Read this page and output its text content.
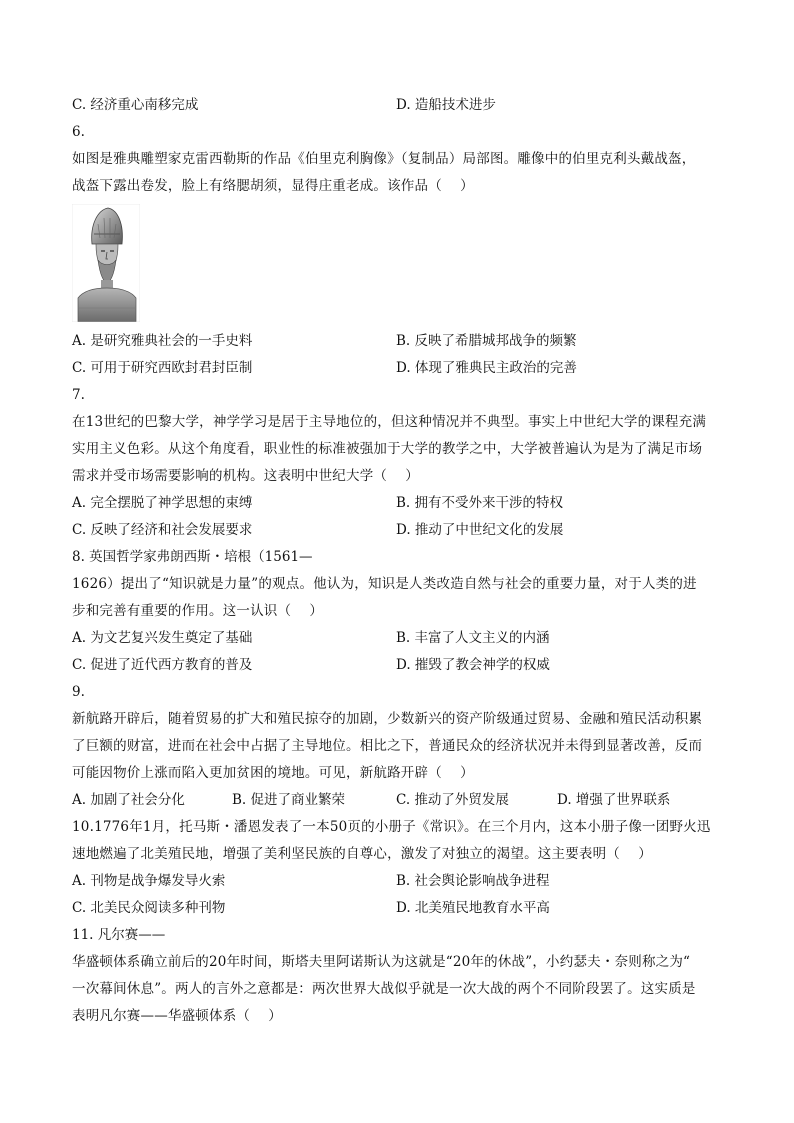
C. 经济重心南移完成	D. 造船技术进步
6.
如图是雅典雕塑家克雷西勒斯的作品《伯里克利胸像》（复制品）局部图。雕像中的伯里克利头戴战盔，
战盔下露出卷发，脸上有络腮胡须，显得庄重老成。该作品（　 ）
A. 是研究雅典社会的一手史料	B. 反映了希腊城邦战争的频繁
C. 可用于研究西欧封君封臣制	D. 体现了雅典民主政治的完善
7.
在13世纪的巴黎大学，神学学习是居于主导地位的，但这种情况并不典型。事实上中世纪大学的课程充满
实用主义色彩。从这个角度看，职业性的标准被强加于大学的教学之中，大学被普遍认为是为了满足市场
需求并受市场需要影响的机构。这表明中世纪大学（　 ）
A. 完全摆脱了神学思想的束缚	B. 拥有不受外来干涉的特权
C. 反映了经济和社会发展要求	D. 推动了中世纪文化的发展
8. 英国哲学家弗朗西斯・培根（1561—
1626）提出了“知识就是力量”的观点。他认为，知识是人类改造自然与社会的重要力量，对于人类的进
步和完善有重要的作用。这一认识（　 ）
A. 为文艺复兴发生奠定了基础	B. 丰富了人文主义的内涵
C. 促进了近代西方教育的普及	D. 摧毁了教会神学的权威
9.
新航路开辟后，随着贸易的扩大和殖民掠夺的加剧，少数新兴的资产阶级通过贸易、金融和殖民活动积累
了巨额的财富，进而在社会中占据了主导地位。相比之下，普通民众的经济状况并未得到显著改善，反而
可能因物价上涨而陷入更加贫困的境地。可见，新航路开辟（　 ）
A. 加剧了社会分化	B. 促进了商业繁荣	C. 推动了外贸发展	D. 增强了世界联系
10.1776年1月，托马斯・潘恩发表了一本50页的小册子《常识》。在三个月内，这本小册子像一团野火迅
速地燃遍了北美殖民地，增强了美利坚民族的自尊心，激发了对独立的渴望。这主要表明（　 ）
A. 刊物是战争爆发导火索	B. 社会舆论影响战争进程
C. 北美民众阅读多种刊物	D. 北美殖民地教育水平高
11. 凡尔赛——
华盛顿体系确立前后的20年时间，斯塔夫里阿诺斯认为这就是“20年的休战”，小约瑟夫・奈则称之为“
一次幕间休息”。两人的言外之意都是：两次世界大战似乎就是一次大战的两个不同阶段罢了。这实质是
表明凡尔赛——华盛顿体系（　 ）
